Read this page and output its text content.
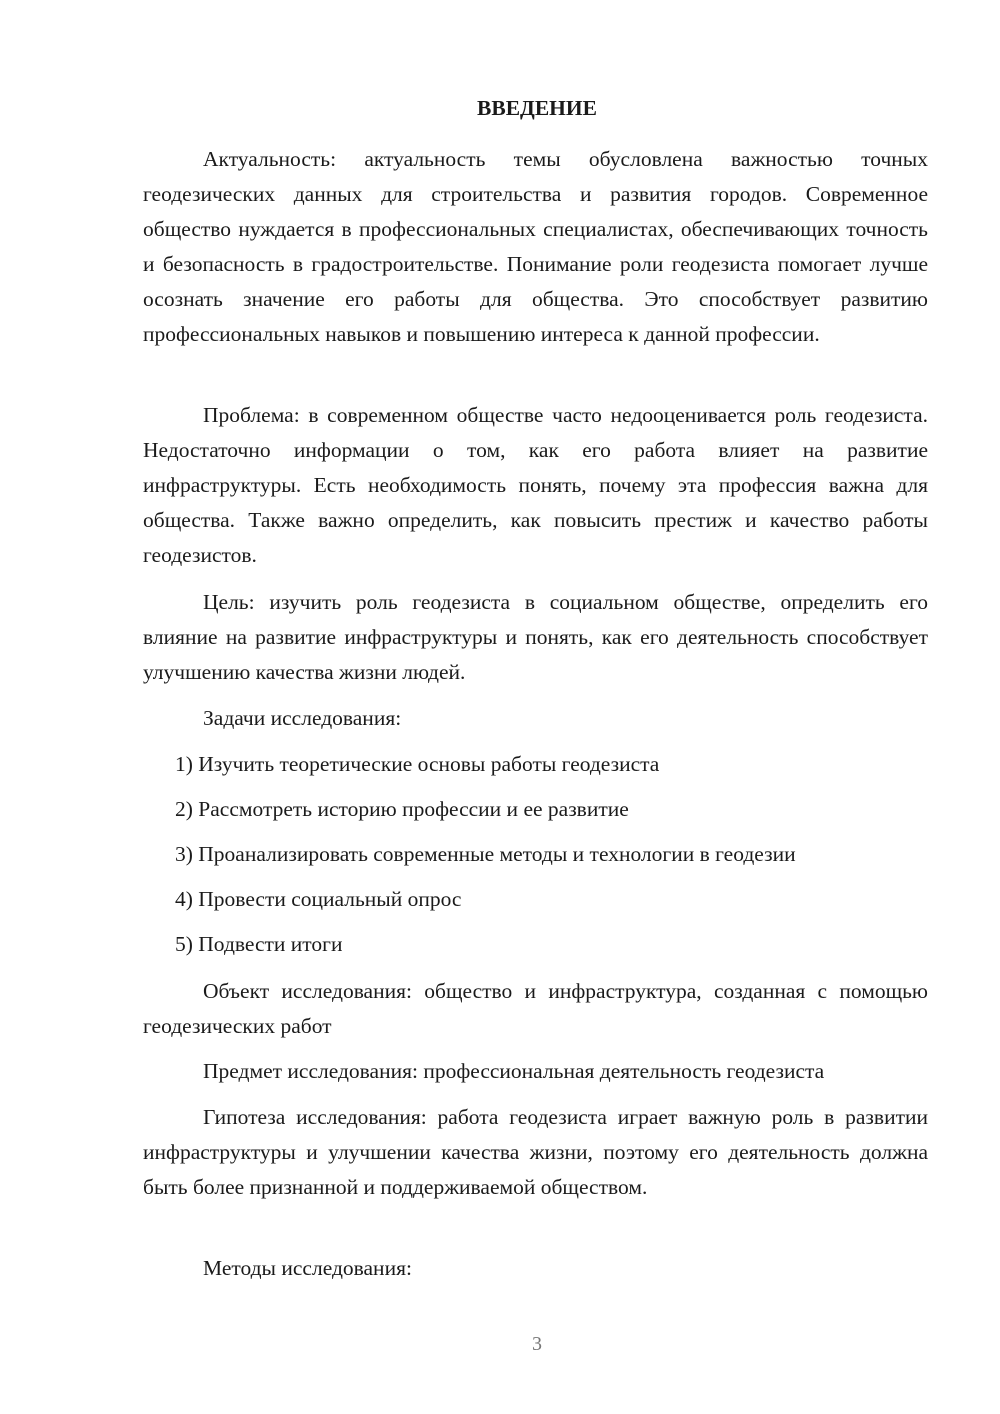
ВВЕДЕНИЕ

Актуальность: актуальность темы обусловлена важностью точных геодезических данных для строительства и развития городов. Современное общество нуждается в профессиональных специалистах, обеспечивающих точность и безопасность в градостроительстве. Понимание роли геодезиста помогает лучше осознать значение его работы для общества. Это способствует развитию профессиональных навыков и повышению интереса к данной профессии.

Проблема: в современном обществе часто недооценивается роль геодезиста. Недостаточно информации о том, как его работа влияет на развитие инфраструктуры. Есть необходимость понять, почему эта профессия важна для общества. Также важно определить, как повысить престиж и качество работы геодезистов.

Цель: изучить роль геодезиста в социальном обществе, определить его влияние на развитие инфраструктуры и понять, как его деятельность способствует улучшению качества жизни людей.

Задачи исследования:

1) Изучить теоретические основы работы геодезиста
2) Рассмотреть историю профессии и ее развитие
3) Проанализировать современные методы и технологии в геодезии
4) Провести социальный опрос
5) Подвести итоги

Объект исследования: общество и инфраструктура, созданная с помощью геодезических работ

Предмет исследования: профессиональная деятельность геодезиста

Гипотеза исследования: работа геодезиста играет важную роль в развитии инфраструктуры и улучшении качества жизни, поэтому его деятельность должна быть более признанной и поддерживаемой обществом.

Методы исследования:

3
